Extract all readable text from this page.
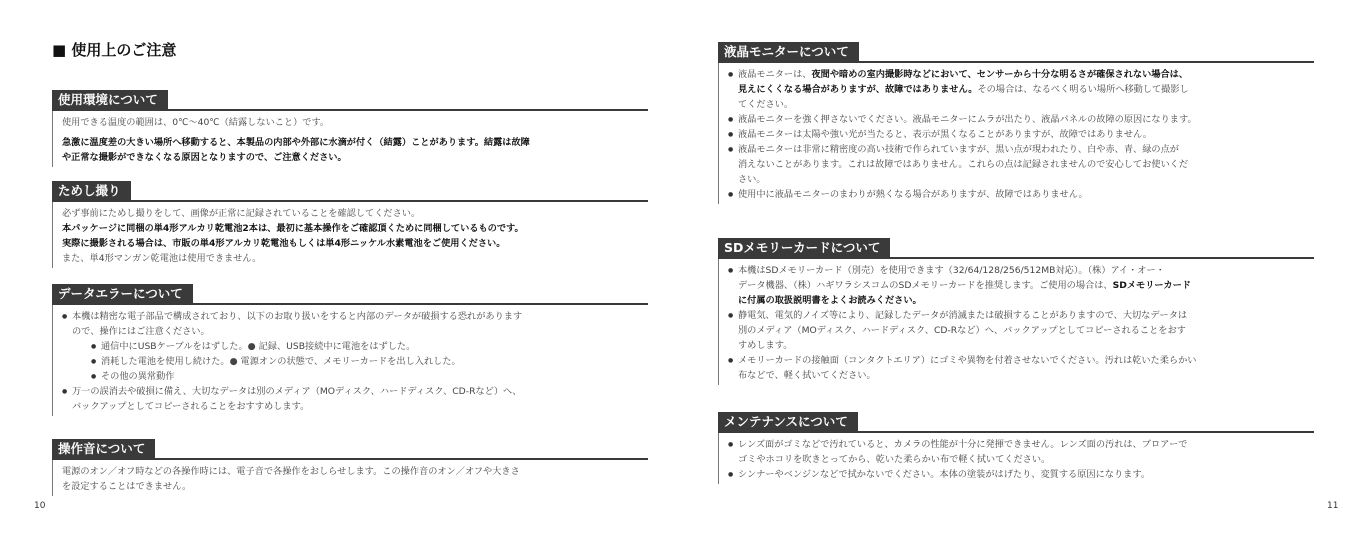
■ 使用上のご注意
使用環境について

使用できる温度の範囲は、0℃～40℃（結露しないこと）です。

急激に温度差の大きい場所へ移動すると、本製品の内部や外部に水滴が付く（結露）ことがあります。結露は故障

や正常な撮影ができなくなる原因となりますので、ご注意ください。

ためし撮り

必ず事前にためし撮りをして、画像が正常に記録されていることを確認してください。

本パッケージに同梱の単4形アルカリ乾電池2本は、最初に基本操作をご確認頂くために同梱しているものです。

実際に撮影される場合は、市販の単4形アルカリ乾電池もしくは単4形ニッケル水素電池をご使用ください。

また、単4形マンガン乾電池は使用できません。

データエラーについて

● 本機は精密な電子部品で構成されており、以下のお取り扱いをすると内部のデータが破損する恐れがあります

ので、操作にはご注意ください。

● 通信中にUSBケーブルをはずした。● 記録、USB接続中に電池をはずした。

● 消耗した電池を使用し続けた。● 電源オンの状態で、メモリーカードを出し入れした。

● その他の異常動作

● 万一の誤消去や破損に備え、大切なデータは別のメディア（MOディスク、ハードディスク、CD-Rなど）へ、

バックアップとしてコピーされることをおすすめします。

操作音について

電源のオン／オフ時などの各操作時には、電子音で各操作をおしらせします。この操作音のオン／オフや大きさ

を設定することはできません。

10
液晶モニターについて

● 液晶モニターは、夜間や暗めの室内撮影時などにおいて、センサーから十分な明るさが確保されない場合は、

見えにくくなる場合がありますが、故障ではありません。その場合は、なるべく明るい場所へ移動して撮影し

てください。

● 液晶モニターを強く押さないでください。液晶モニターにムラが出たり、液晶パネルの故障の原因になります。

● 液晶モニターは太陽や強い光が当たると、表示が黒くなることがありますが、故障ではありません。

● 液晶モニターは非常に精密度の高い技術で作られていますが、黒い点が現われたり、白や赤、青、緑の点が

消えないことがあります。これは故障ではありません。これらの点は記録されませんので安心してお使いくだ

さい。

● 使用中に液晶モニターのまわりが熱くなる場合がありますが、故障ではありません。

SDメモリーカードについて

● 本機はSDメモリーカード（別売）を使用できます（32/64/128/256/512MB対応）。（株）アイ・オー・

データ機器、（株）ハギワラシスコムのSDメモリーカードを推奨します。ご使用の場合は、SDメモリーカード

に付属の取扱説明書をよくお読みください。

● 静電気、電気的ノイズ等により、記録したデータが消滅または破損することがありますので、大切なデータは

別のメディア（MOディスク、ハードディスク、CD-Rなど）へ、バックアップとしてコピーされることをおす

すめします。

● メモリーカードの接触面（コンタクトエリア）にゴミや異物を付着させないでください。汚れは乾いた柔らかい

布などで、軽く拭いてください。

メンテナンスについて

● レンズ面がゴミなどで汚れていると、カメラの性能が十分に発揮できません。レンズ面の汚れは、ブロアーで

ゴミやホコリを吹きとってから、乾いた柔らかい布で軽く拭いてください。

● シンナーやベンジンなどで拭かないでください。本体の塗装がはげたり、変質する原因になります。

11
